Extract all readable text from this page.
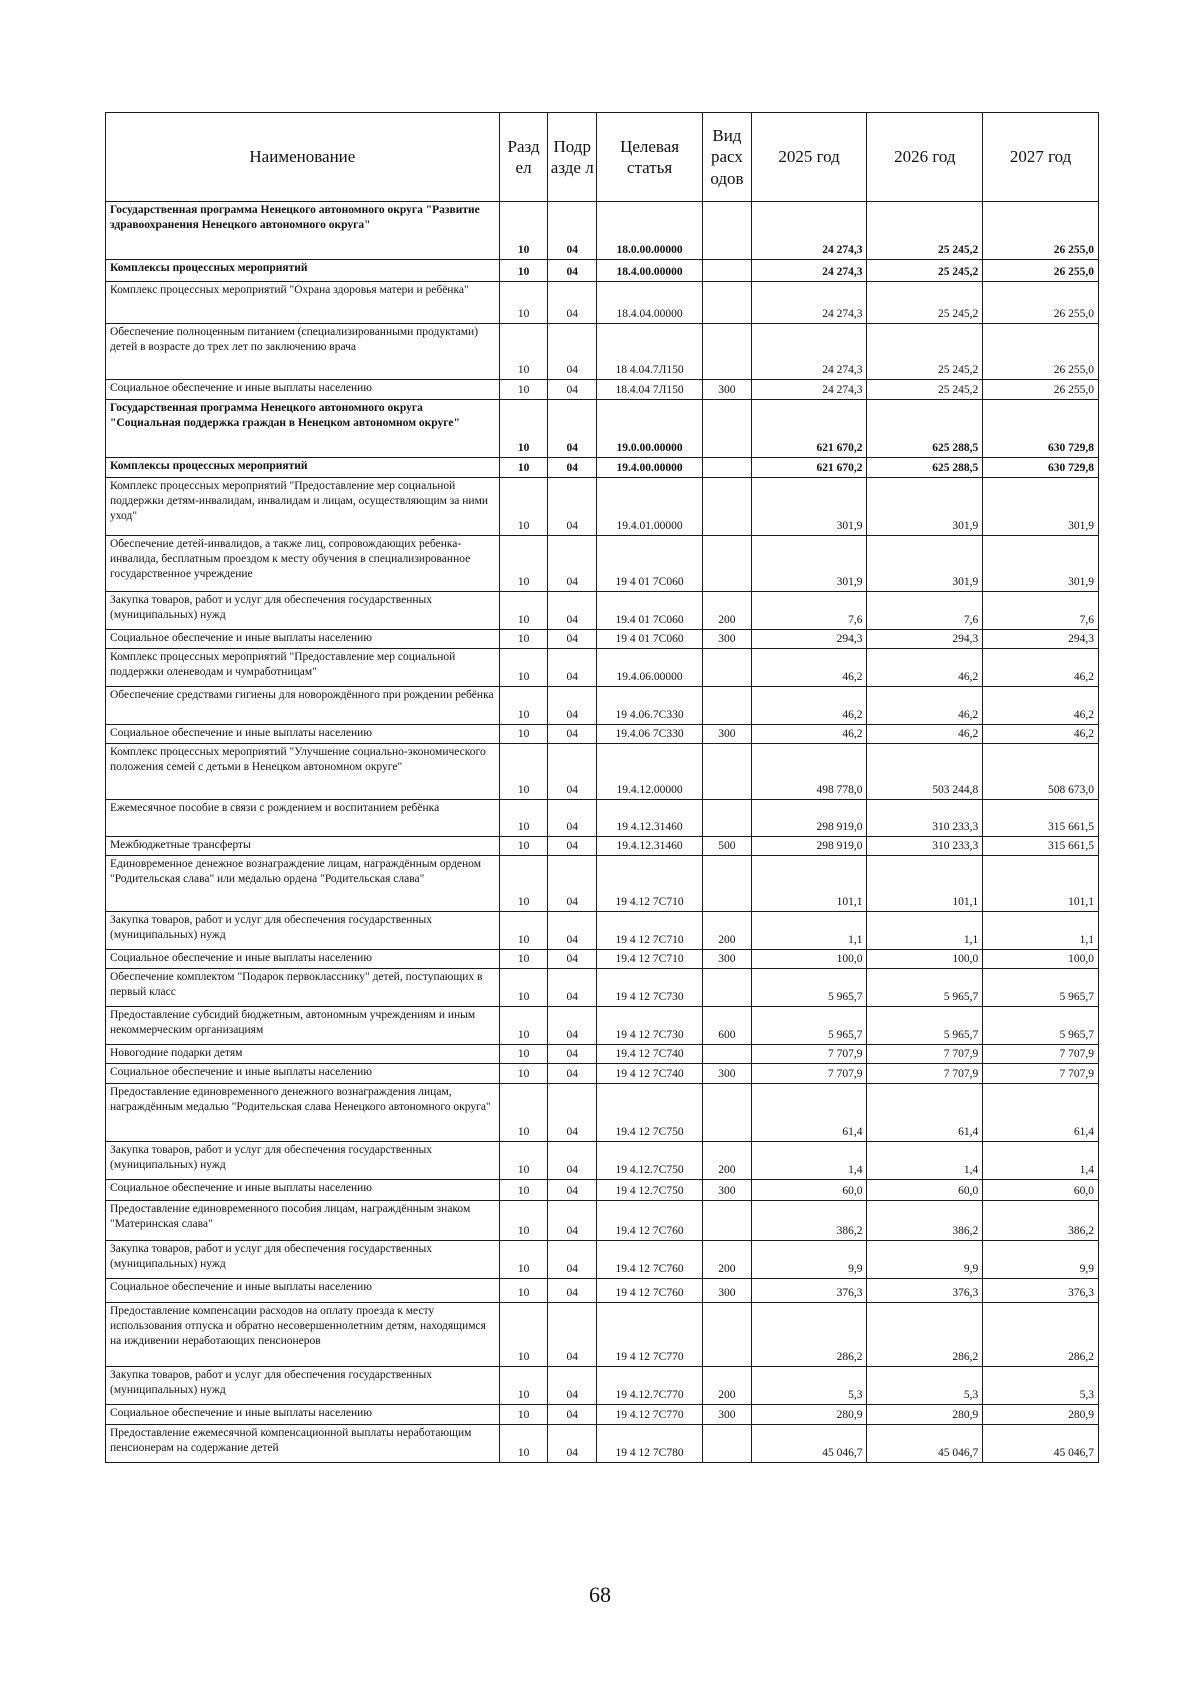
Наименование	Разд ел	Подр азде л	Целевая статья	Вид расх одов	2025 год	2026 год	2027 год
Государственная программа Ненецкого автономного округа "Развитие здравоохранения Ненецкого автономного округа"	10	04	18.0.00.00000		24 274,3	25 245,2	26 255,0
Комплексы процессных мероприятий	10	04	18.4.00.00000		24 274,3	25 245,2	26 255,0
Комплекс процессных мероприятий "Охрана здоровья матери и ребёнка"	10	04	18.4.04.00000		24 274,3	25 245,2	26 255,0
Обеспечение полноценным питанием (специализированными продуктами) детей в возрасте до трех лет по заключению врача	10	04	18 4.04.7Л150		24 274,3	25 245,2	26 255,0
Социальное обеспечение и иные выплаты населению	10	04	18.4.04 7Л150	300	24 274,3	25 245,2	26 255,0
Государственная программа Ненецкого автономного округа "Социальная поддержка граждан в Ненецком автономном округе"	10	04	19.0.00.00000		621 670,2	625 288,5	630 729,8
Комплексы процессных мероприятий	10	04	19.4.00.00000		621 670,2	625 288,5	630 729,8
Комплекс процессных мероприятий "Предоставление мер социальной поддержки детям-инвалидам, инвалидам и лицам, осуществляющим за ними уход"	10	04	19.4.01.00000		301,9	301,9	301,9
Обеспечение детей-инвалидов, а также лиц, сопровождающих ребенка-инвалида, бесплатным проездом к месту обучения в специализированное государственное учреждение	10	04	19 4 01 7С060		301,9	301,9	301,9
Закупка товаров, работ и услуг для обеспечения государственных (муниципальных) нужд	10	04	19.4 01 7С060	200	7,6	7,6	7,6
Социальное обеспечение и иные выплаты населению	10	04	19 4 01 7С060	300	294,3	294,3	294,3
Комплекс процессных мероприятий "Предоставление мер социальной поддержки оленеводам и чумработницам"	10	04	19.4.06.00000		46,2	46,2	46,2
Обеспечение средствами гигиены для новорождённого при рождении ребёнка	10	04	19 4.06.7С330		46,2	46,2	46,2
Социальное обеспечение и иные выплаты населению	10	04	19.4.06 7С330	300	46,2	46,2	46,2
Комплекс процессных мероприятий "Улучшение социально-экономического положения семей с детьми в Ненецком автономном округе"	10	04	19.4.12.00000		498 778,0	503 244,8	508 673,0
Ежемесячное пособие в связи с рождением и воспитанием ребёнка	10	04	19 4.12.31460		298 919,0	310 233,3	315 661,5
Межбюджетные трансферты	10	04	19.4.12.31460	500	298 919,0	310 233,3	315 661,5
Единовременное денежное вознаграждение лицам, награждённым орденом "Родительская слава" или медалью ордена "Родительская слава"	10	04	19 4.12 7С710		101,1	101,1	101,1
Закупка товаров, работ и услуг для обеспечения государственных (муниципальных) нужд	10	04	19 4 12 7С710	200	1,1	1,1	1,1
Социальное обеспечение и иные выплаты населению	10	04	19.4 12 7С710	300	100,0	100,0	100,0
Обеспечение комплектом "Подарок первокласснику" детей, поступающих в первый класс	10	04	19 4 12 7С730		5 965,7	5 965,7	5 965,7
Предоставление субсидий бюджетным, автономным учреждениям и иным некоммерческим организациям	10	04	19 4 12 7С730	600	5 965,7	5 965,7	5 965,7
Новогодние подарки детям	10	04	19.4 12 7С740		7 707,9	7 707,9	7 707,9
Социальное обеспечение и иные выплаты населению	10	04	19 4 12 7С740	300	7 707,9	7 707,9	7 707,9
Предоставление единовременного денежного вознаграждения лицам, награждённым медалью "Родительская слава Ненецкого автономного округа"	10	04	19.4 12 7С750		61,4	61,4	61,4
Закупка товаров, работ и услуг для обеспечения государственных (муниципальных) нужд	10	04	19 4.12.7С750	200	1,4	1,4	1,4
Социальное обеспечение и иные выплаты населению	10	04	19 4 12.7С750	300	60,0	60,0	60,0
Предоставление единовременного пособия лицам, награждённым знаком "Материнская слава"	10	04	19.4 12 7С760		386,2	386,2	386,2
Закупка товаров, работ и услуг для обеспечения государственных (муниципальных) нужд	10	04	19.4 12 7С760	200	9,9	9,9	9,9
Социальное обеспечение и иные выплаты населению	10	04	19 4 12 7С760	300	376,3	376,3	376,3
Предоставление компенсации расходов на оплату проезда к месту использования отпуска и обратно несовершеннолетним детям, находящимся на иждивении неработающих пенсионеров	10	04	19 4 12 7С770		286,2	286,2	286,2
Закупка товаров, работ и услуг для обеспечения государственных (муниципальных) нужд	10	04	19 4.12.7С770	200	5,3	5,3	5,3
Социальное обеспечение и иные выплаты населению	10	04	19 4.12 7С770	300	280,9	280,9	280,9
Предоставление ежемесячной компенсационной выплаты неработающим пенсионерам на содержание детей	10	04	19 4 12 7С780		45 046,7	45 046,7	45 046,7
68
